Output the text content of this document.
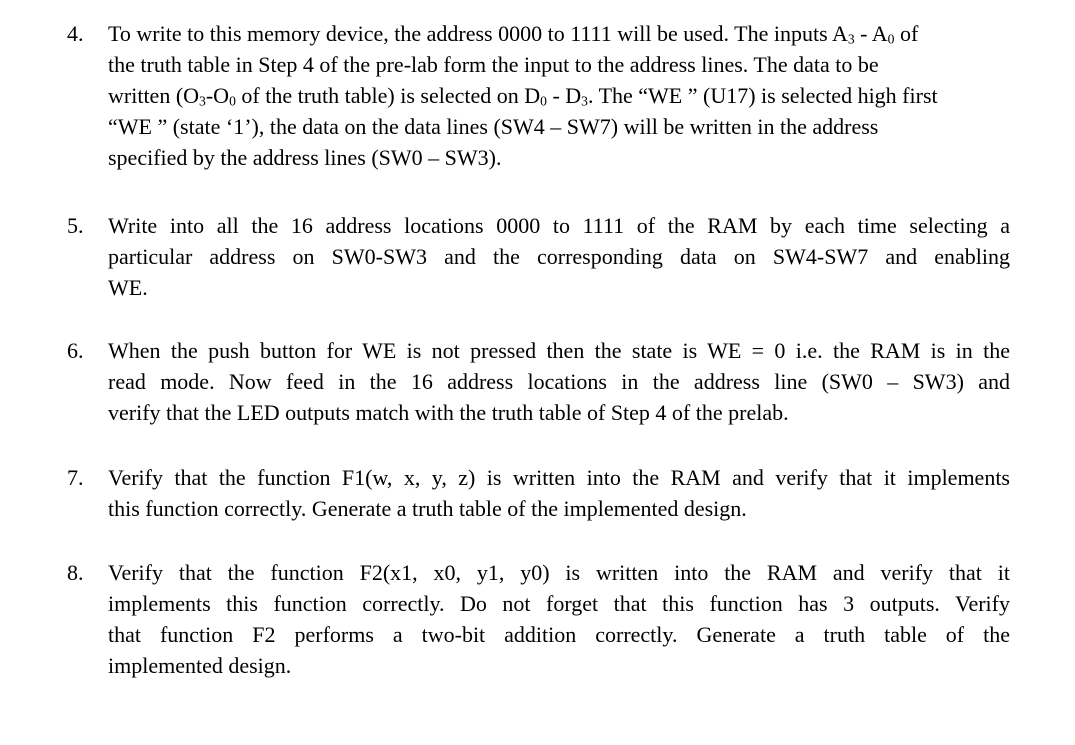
4.	To write to this memory device, the address 0000 to 1111 will be used. The inputs $A_3 - A_0$ of
the truth table in Step 4 of the pre-lab form the input to the address lines. The data to be
written ($O_3-O_0$ of the truth table) is selected on $D_0 - D_3$. The “WE ” (U17) is selected high first
“WE ” (state ‘1’), the data on the data lines (SW4 – SW7) will be written in the address
specified by the address lines (SW0 – SW3).
5.	Write into all the 16 address locations 0000 to 1111 of the RAM by each time selecting a
particular address on SW0-SW3 and the corresponding data on SW4-SW7 and enabling
WE.
6.	When the push button for WE is not pressed then the state is WE = 0 i.e. the RAM is in the
read mode. Now feed in the 16 address locations in the address line (SW0 – SW3) and
verify that the LED outputs match with the truth table of Step 4 of the prelab.
7.	Verify that the function F1(w, x, y, z) is written into the RAM and verify that it implements
this function correctly. Generate a truth table of the implemented design.
8.	Verify that the function F2(x1, x0, y1, y0) is written into the RAM and verify that it
implements this function correctly. Do not forget that this function has 3 outputs. Verify
that function F2 performs a two-bit addition correctly. Generate a truth table of the
implemented design.
